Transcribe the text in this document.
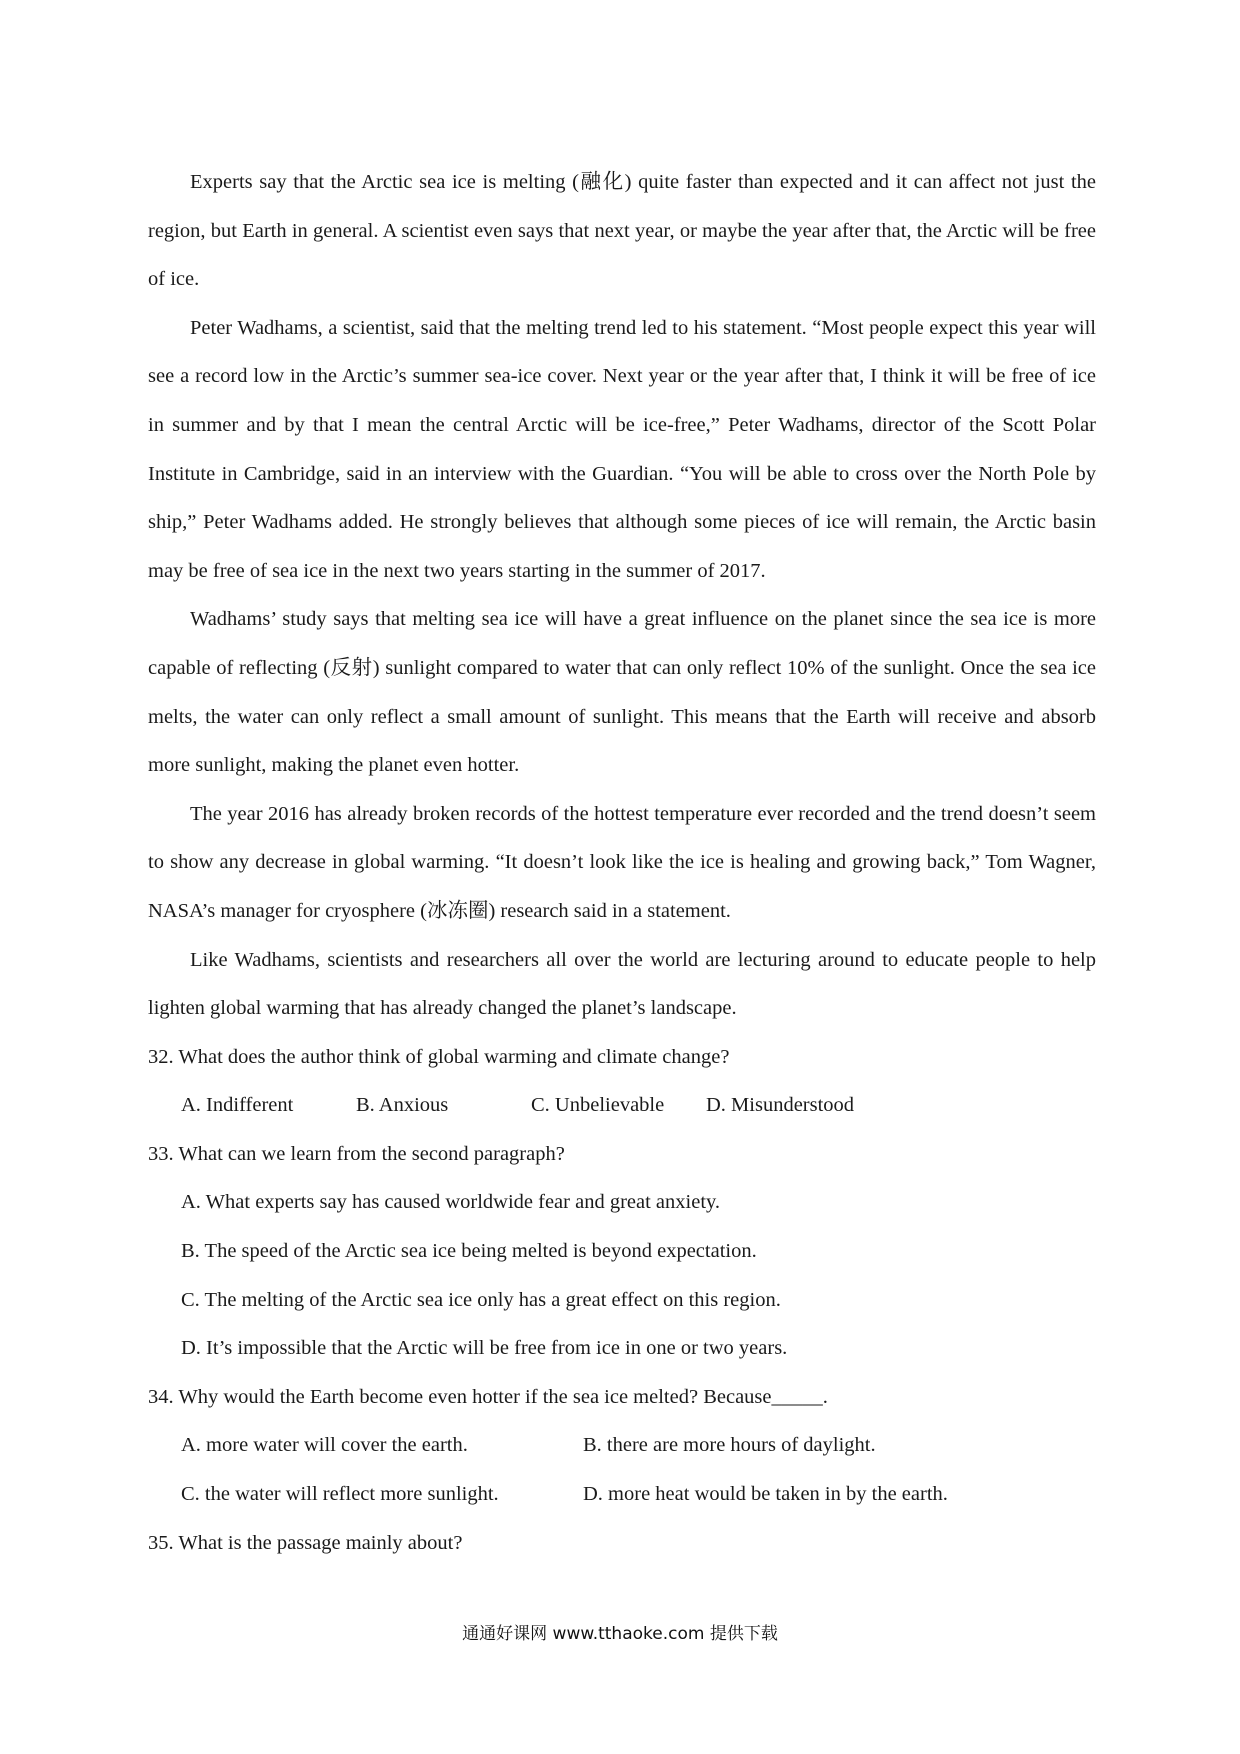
Experts say that the Arctic sea ice is melting (融化) quite faster than expected and it can affect not just the region, but Earth in general. A scientist even says that next year, or maybe the year after that, the Arctic will be free of ice.

Peter Wadhams, a scientist, said that the melting trend led to his statement. “Most people expect this year will see a record low in the Arctic’s summer sea-ice cover. Next year or the year after that, I think it will be free of ice in summer and by that I mean the central Arctic will be ice-free,” Peter Wadhams, director of the Scott Polar Institute in Cambridge, said in an interview with the Guardian. “You will be able to cross over the North Pole by ship,” Peter Wadhams added. He strongly believes that although some pieces of ice will remain, the Arctic basin may be free of sea ice in the next two years starting in the summer of 2017.

Wadhams’ study says that melting sea ice will have a great influence on the planet since the sea ice is more capable of reflecting (反射) sunlight compared to water that can only reflect 10% of the sunlight. Once the sea ice melts, the water can only reflect a small amount of sunlight. This means that the Earth will receive and absorb more sunlight, making the planet even hotter.

The year 2016 has already broken records of the hottest temperature ever recorded and the trend doesn’t seem to show any decrease in global warming. “It doesn’t look like the ice is healing and growing back,” Tom Wagner, NASA’s manager for cryosphere (冰冻圈) research said in a statement.

Like Wadhams, scientists and researchers all over the world are lecturing around to educate people to help lighten global warming that has already changed the planet’s landscape.

32. What does the author think of global warming and climate change?

A. Indifferent	B. Anxious	C. Unbelievable	D. Misunderstood

33. What can we learn from the second paragraph?

A. What experts say has caused worldwide fear and great anxiety.

B. The speed of the Arctic sea ice being melted is beyond expectation.

C. The melting of the Arctic sea ice only has a great effect on this region.

D. It’s impossible that the Arctic will be free from ice in one or two years.

34. Why would the Earth become even hotter if the sea ice melted? Because_____.

A. more water will cover the earth.	B. there are more hours of daylight.
C. the water will reflect more sunlight.	D. more heat would be taken in by the earth.

35. What is the passage mainly about?

通通好课网 www.tthaoke.com 提供下载
